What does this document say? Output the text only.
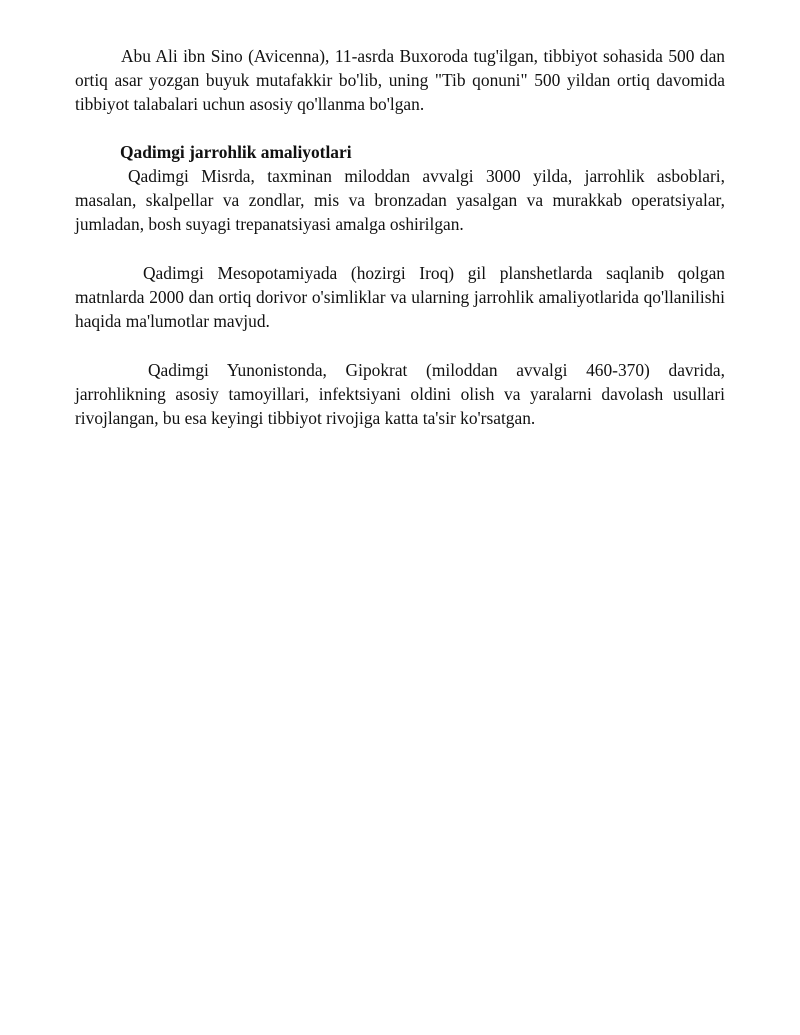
Abu Ali ibn Sino (Avicenna), 11-asrda Buxoroda tug'ilgan, tibbiyot sohasida 500 dan ortiq asar yozgan buyuk mutafakkir bo'lib, uning "Tib qonuni" 500 yildan ortiq davomida tibbiyot talabalari uchun asosiy qo'llanma bo'lgan.

Qadimgi jarrohlik amaliyotlari

Qadimgi Misrda, taxminan miloddan avvalgi 3000 yilda, jarrohlik asboblari, masalan, skalpellar va zondlar, mis va bronzadan yasalgan va murakkab operatsiyalar, jumladan, bosh suyagi trepanatsiyasi amalga oshirilgan.

Qadimgi Mesopotamiyada (hozirgi Iroq) gil planshetlarda saqlanib qolgan matnlarda 2000 dan ortiq dorivor o'simliklar va ularning jarrohlik amaliyotlarida qo'llanilishi haqida ma'lumotlar mavjud.

Qadimgi Yunonistonda, Gipokrat (miloddan avvalgi 460-370) davrida, jarrohlikning asosiy tamoyillari, infektsiyani oldini olish va yaralarni davolash usullari rivojlangan, bu esa keyingi tibbiyot rivojiga katta ta'sir ko'rsatgan.
